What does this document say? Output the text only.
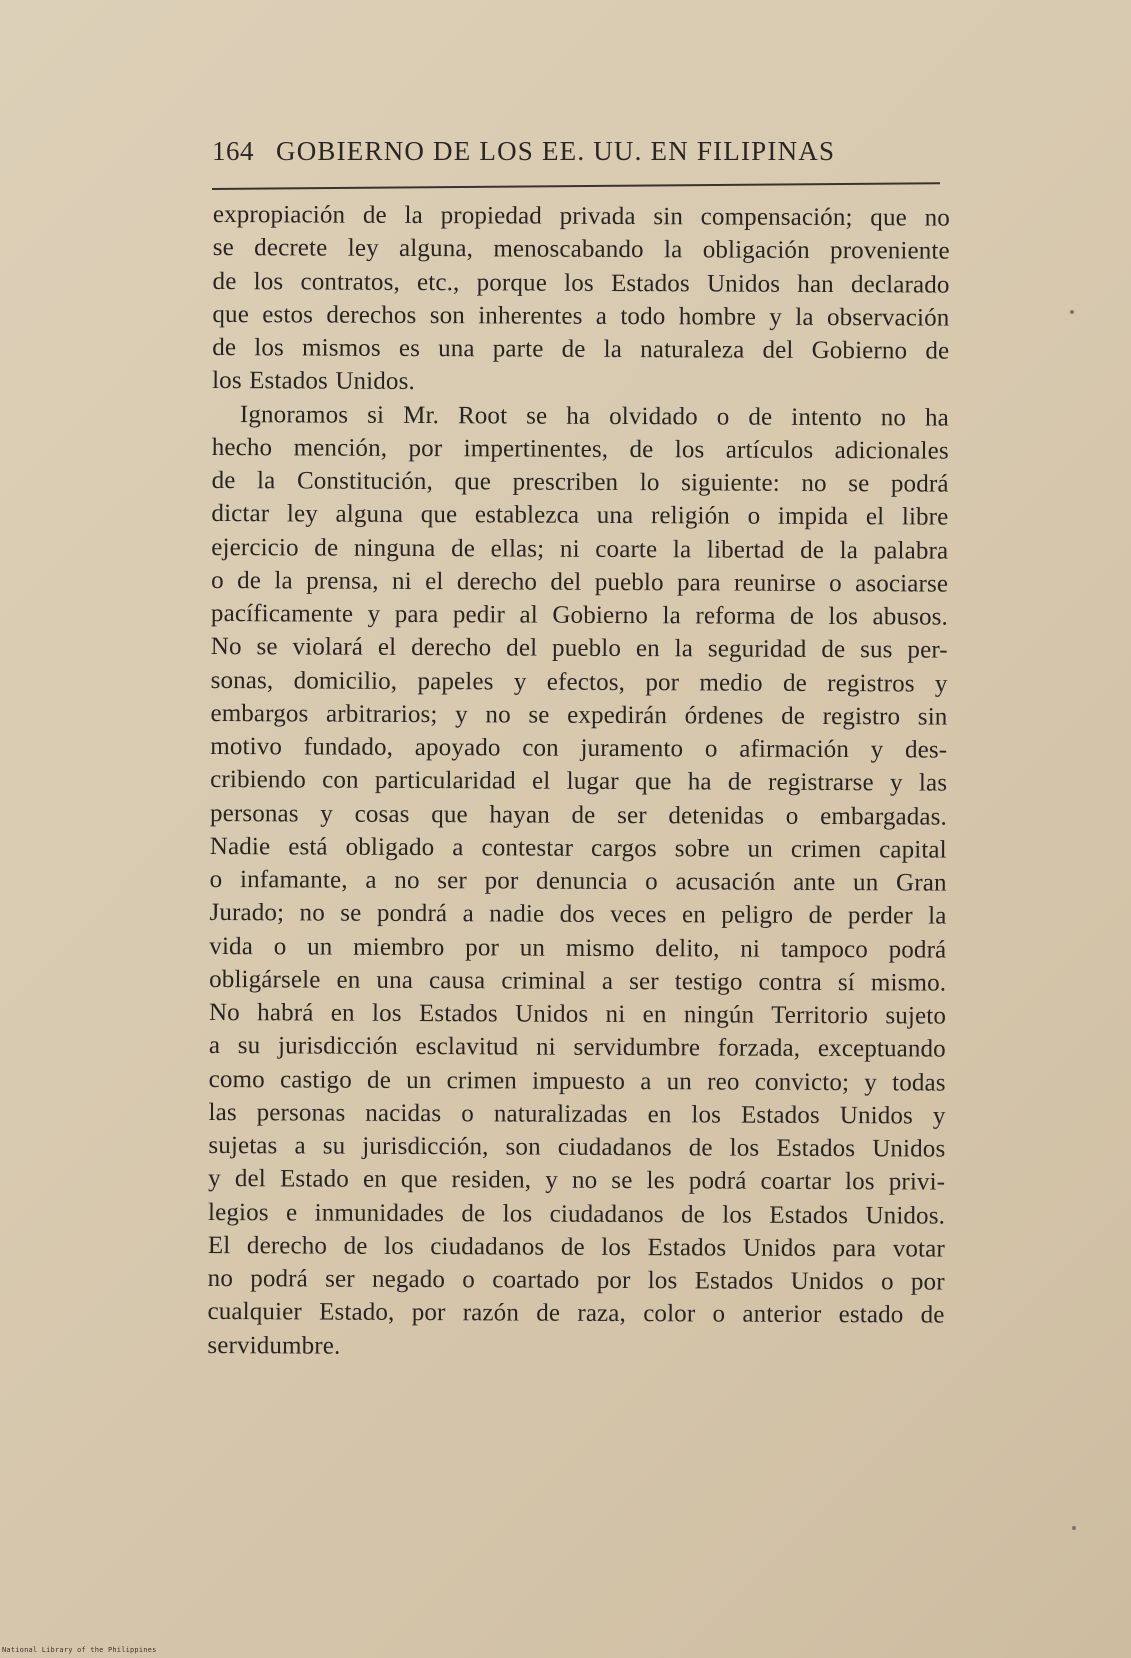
164 GOBIERNO DE LOS EE. UU. EN FILIPINAS
expropiación de la propiedad privada sin compensación; que no
se decrete ley alguna, menoscabando la obligación proveniente
de los contratos, etc., porque los Estados Unidos han declarado
que estos derechos son inherentes a todo hombre y la observación
de los mismos es una parte de la naturaleza del Gobierno de
los Estados Unidos.
Ignoramos si Mr. Root se ha olvidado o de intento no ha
hecho mención, por impertinentes, de los artículos adicionales
de la Constitución, que prescriben lo siguiente: no se podrá
dictar ley alguna que establezca una religión o impida el libre
ejercicio de ninguna de ellas; ni coarte la libertad de la palabra
o de la prensa, ni el derecho del pueblo para reunirse o asociarse
pacíficamente y para pedir al Gobierno la reforma de los abusos.
No se violará el derecho del pueblo en la seguridad de sus per-
sonas, domicilio, papeles y efectos, por medio de registros y
embargos arbitrarios; y no se expedirán órdenes de registro sin
motivo fundado, apoyado con juramento o afirmación y des-
cribiendo con particularidad el lugar que ha de registrarse y las
personas y cosas que hayan de ser detenidas o embargadas.
Nadie está obligado a contestar cargos sobre un crimen capital
o infamante, a no ser por denuncia o acusación ante un Gran
Jurado; no se pondrá a nadie dos veces en peligro de perder la
vida o un miembro por un mismo delito, ni tampoco podrá
obligársele en una causa criminal a ser testigo contra sí mismo.
No habrá en los Estados Unidos ni en ningún Territorio sujeto
a su jurisdicción esclavitud ni servidumbre forzada, exceptuando
como castigo de un crimen impuesto a un reo convicto; y todas
las personas nacidas o naturalizadas en los Estados Unidos y
sujetas a su jurisdicción, son ciudadanos de los Estados Unidos
y del Estado en que residen, y no se les podrá coartar los privi-
legios e inmunidades de los ciudadanos de los Estados Unidos.
El derecho de los ciudadanos de los Estados Unidos para votar
no podrá ser negado o coartado por los Estados Unidos o por
cualquier Estado, por razón de raza, color o anterior estado de
servidumbre.
National Library of the Philippines
